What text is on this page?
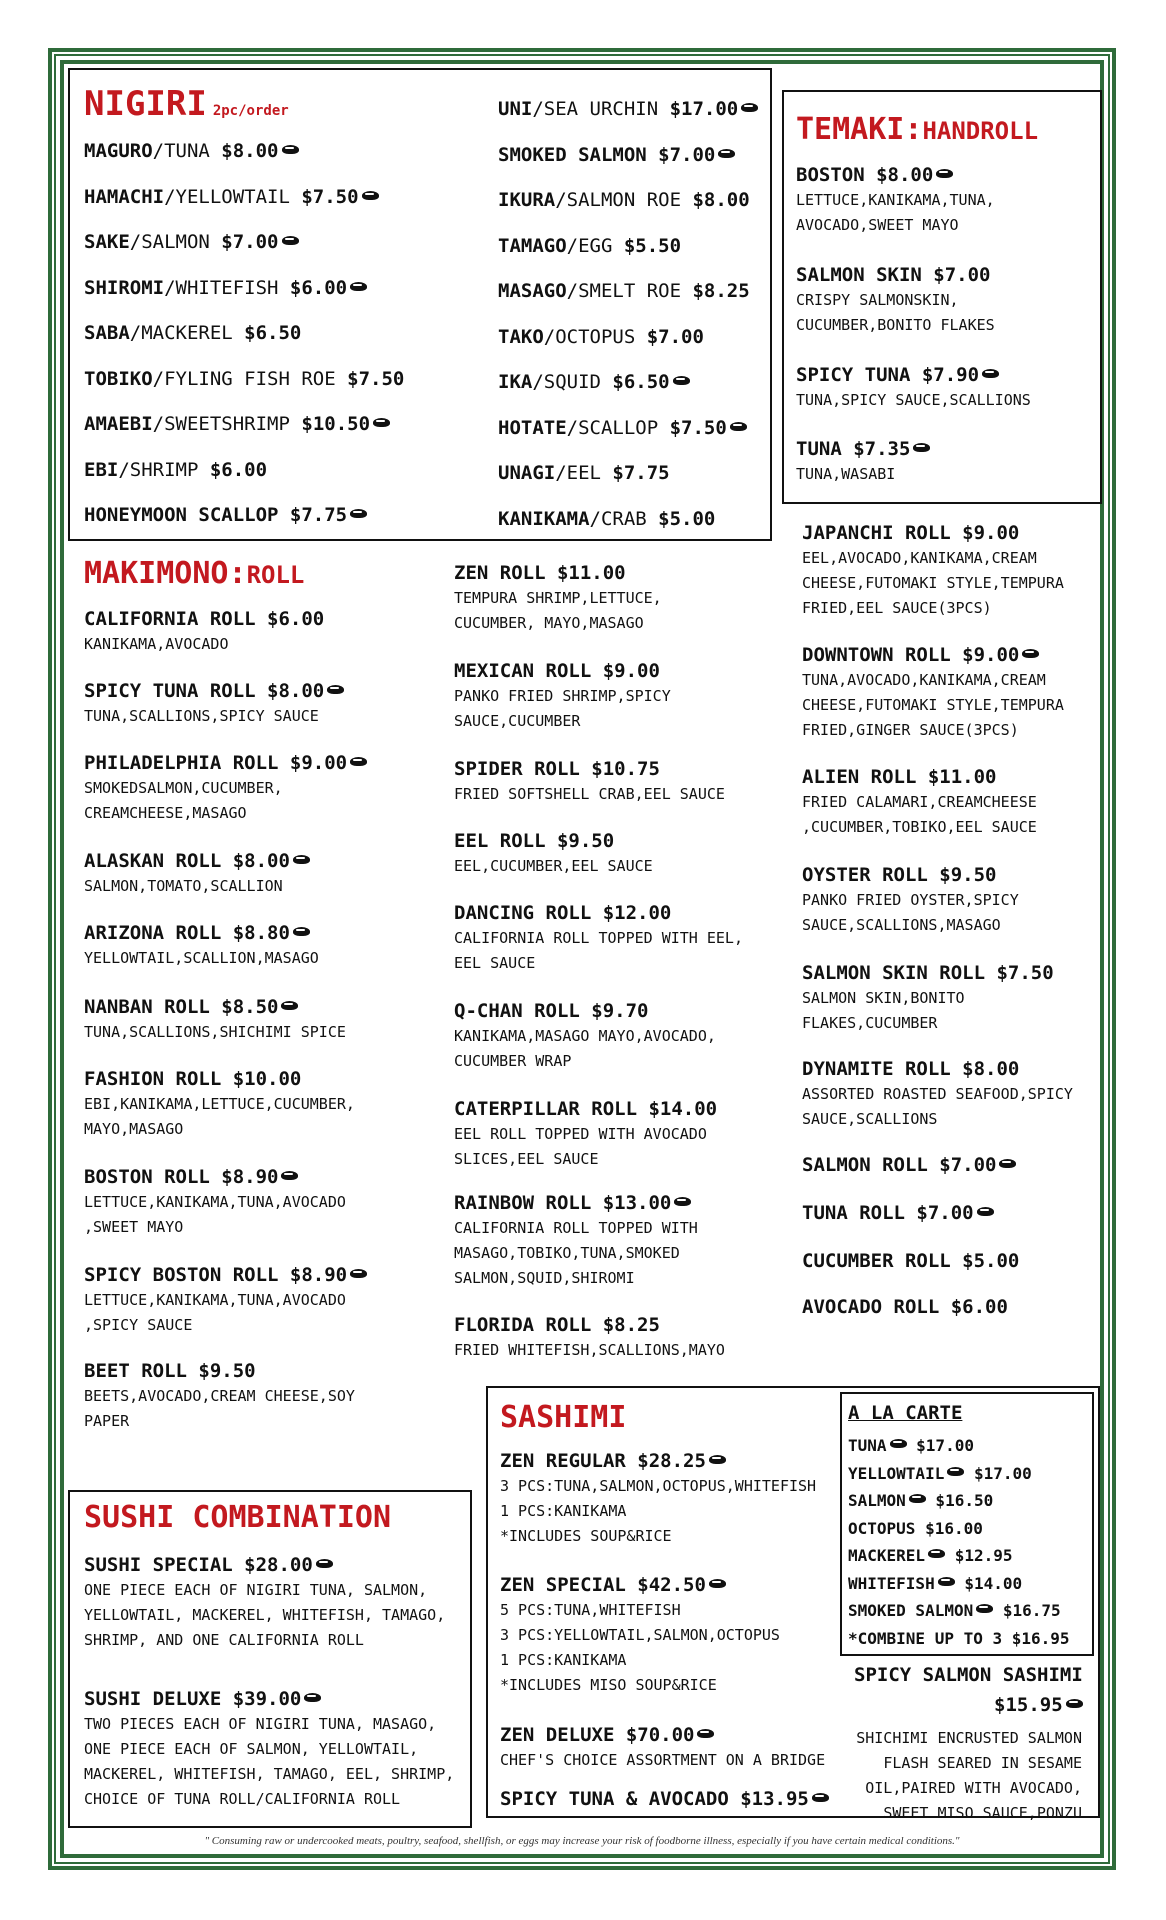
NIGIRI 2pc/order
TEMAKI:HANDROLL
MAKIMONO:ROLL
SUSHI COMBINATION
SASHIMI
MAGURO/TUNA $8.00
HAMACHI/YELLOWTAIL $7.50
SAKE/SALMON $7.00
SHIROMI/WHITEFISH $6.00
SABA/MACKEREL $6.50
TOBIKO/FYLING FISH ROE $7.50
AMAEBI/SWEETSHRIMP $10.50
EBI/SHRIMP $6.00
HONEYMOON SCALLOP $7.75
UNI/SEA URCHIN $17.00
SMOKED SALMON $7.00
IKURA/SALMON ROE $8.00
TAMAGO/EGG $5.50
MASAGO/SMELT ROE $8.25
TAKO/OCTOPUS $7.00
IKA/SQUID $6.50
HOTATE/SCALLOP $7.50
UNAGI/EEL $7.75
KANIKAMA/CRAB $5.00
BOSTON $8.00
LETTUCE,KANIKAMA,TUNA,
AVOCADO,SWEET MAYO
SALMON SKIN $7.00
CRISPY SALMONSKIN,
CUCUMBER,BONITO FLAKES
SPICY TUNA $7.90
TUNA,SPICY SAUCE,SCALLIONS
TUNA $7.35
TUNA,WASABI
CALIFORNIA ROLL $6.00
KANIKAMA,AVOCADO
SPICY TUNA ROLL $8.00
TUNA,SCALLIONS,SPICY SAUCE
PHILADELPHIA ROLL $9.00
SMOKEDSALMON,CUCUMBER,
CREAMCHEESE,MASAGO
ALASKAN ROLL $8.00
SALMON,TOMATO,SCALLION
ARIZONA ROLL $8.80
YELLOWTAIL,SCALLION,MASAGO
NANBAN ROLL $8.50
TUNA,SCALLIONS,SHICHIMI SPICE
FASHION ROLL $10.00
EBI,KANIKAMA,LETTUCE,CUCUMBER,
MAYO,MASAGO
BOSTON ROLL $8.90
LETTUCE,KANIKAMA,TUNA,AVOCADO
,SWEET MAYO
SPICY BOSTON ROLL $8.90
LETTUCE,KANIKAMA,TUNA,AVOCADO
,SPICY SAUCE
BEET ROLL $9.50
BEETS,AVOCADO,CREAM CHEESE,SOY
PAPER
ZEN ROLL $11.00
TEMPURA SHRIMP,LETTUCE,
CUCUMBER, MAYO,MASAGO
MEXICAN ROLL $9.00
PANKO FRIED SHRIMP,SPICY
SAUCE,CUCUMBER
SPIDER ROLL $10.75
FRIED SOFTSHELL CRAB,EEL SAUCE
EEL ROLL $9.50
EEL,CUCUMBER,EEL SAUCE
DANCING ROLL $12.00
CALIFORNIA ROLL TOPPED WITH EEL,
EEL SAUCE
Q-CHAN ROLL $9.70
KANIKAMA,MASAGO MAYO,AVOCADO,
CUCUMBER WRAP
CATERPILLAR ROLL $14.00
EEL ROLL TOPPED WITH AVOCADO
SLICES,EEL SAUCE
RAINBOW ROLL $13.00
CALIFORNIA ROLL TOPPED WITH
MASAGO,TOBIKO,TUNA,SMOKED
SALMON,SQUID,SHIROMI
FLORIDA ROLL $8.25
FRIED WHITEFISH,SCALLIONS,MAYO
JAPANCHI ROLL $9.00
EEL,AVOCADO,KANIKAMA,CREAM
CHEESE,FUTOMAKI STYLE,TEMPURA
FRIED,EEL SAUCE(3PCS)
DOWNTOWN ROLL $9.00
TUNA,AVOCADO,KANIKAMA,CREAM
CHEESE,FUTOMAKI STYLE,TEMPURA
FRIED,GINGER SAUCE(3PCS)
ALIEN ROLL $11.00
FRIED CALAMARI,CREAMCHEESE
,CUCUMBER,TOBIKO,EEL SAUCE
OYSTER ROLL $9.50
PANKO FRIED OYSTER,SPICY
SAUCE,SCALLIONS,MASAGO
SALMON SKIN ROLL $7.50
SALMON SKIN,BONITO
FLAKES,CUCUMBER
DYNAMITE ROLL $8.00
ASSORTED ROASTED SEAFOOD,SPICY
SAUCE,SCALLIONS
SALMON ROLL $7.00
TUNA ROLL $7.00
CUCUMBER ROLL $5.00
AVOCADO ROLL $6.00
SUSHI SPECIAL $28.00
ONE PIECE EACH OF NIGIRI TUNA, SALMON,
YELLOWTAIL, MACKEREL, WHITEFISH, TAMAGO,
SHRIMP, AND ONE CALIFORNIA ROLL
SUSHI DELUXE $39.00
TWO PIECES EACH OF NIGIRI TUNA, MASAGO,
ONE PIECE EACH OF SALMON, YELLOWTAIL,
MACKEREL, WHITEFISH, TAMAGO, EEL, SHRIMP,
CHOICE OF TUNA ROLL/CALIFORNIA ROLL
ZEN REGULAR $28.25
3 PCS:TUNA,SALMON,OCTOPUS,WHITEFISH
1 PCS:KANIKAMA
*INCLUDES SOUP&RICE
ZEN SPECIAL $42.50
5 PCS:TUNA,WHITEFISH
3 PCS:YELLOWTAIL,SALMON,OCTOPUS
1 PCS:KANIKAMA
*INCLUDES MISO SOUP&RICE
ZEN DELUXE $70.00
CHEF'S CHOICE ASSORTMENT ON A BRIDGE
SPICY TUNA & AVOCADO $13.95
A LA CARTE
TUNA $17.00
YELLOWTAIL $17.00
SALMON $16.50
OCTOPUS $16.00
MACKEREL $12.95
WHITEFISH $14.00
SMOKED SALMON $16.75
*COMBINE UP TO 3 $16.95
SPICY SALMON SASHIMI
$15.95
SHICHIMI ENCRUSTED SALMON
FLASH SEARED IN SESAME
OIL,PAIRED WITH AVOCADO,
SWEET MISO SAUCE,PONZU
" Consuming raw or undercooked meats, poultry, seafood, shellfish, or eggs may increase your risk of foodborne illness, especially if you have certain medical conditions."
